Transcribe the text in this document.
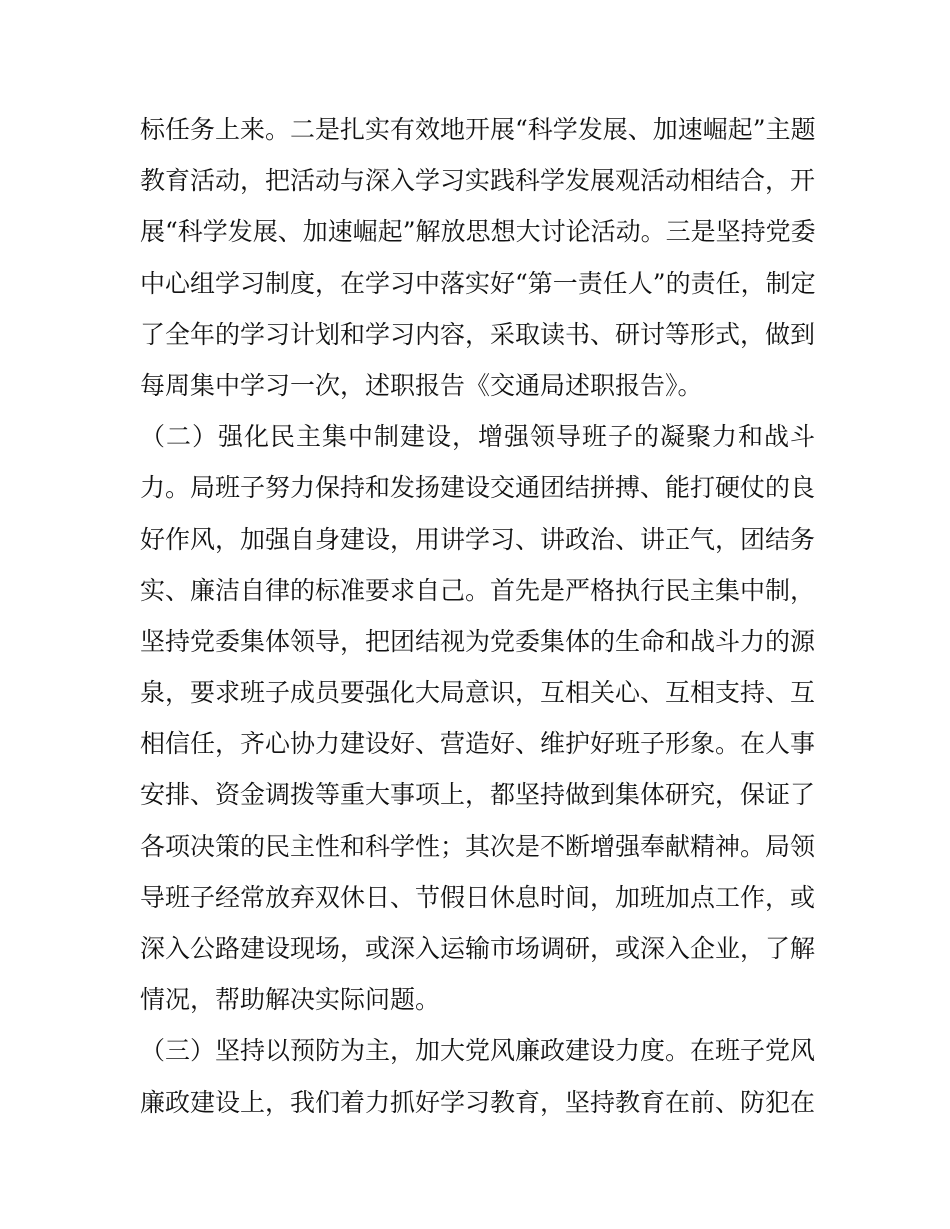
标任务上来。二是扎实有效地开展“科学发展、加速崛起”主题
教育活动，把活动与深入学习实践科学发展观活动相结合，开
展“科学发展、加速崛起”解放思想大讨论活动。三是坚持党委
中心组学习制度，在学习中落实好“第一责任人”的责任，制定
了全年的学习计划和学习内容，采取读书、研讨等形式，做到
每周集中学习一次，述职报告《交通局述职报告》。
（二）强化民主集中制建设，增强领导班子的凝聚力和战斗
力。局班子努力保持和发扬建设交通团结拼搏、能打硬仗的良
好作风，加强自身建设，用讲学习、讲政治、讲正气，团结务
实、廉洁自律的标准要求自己。首先是严格执行民主集中制，
坚持党委集体领导，把团结视为党委集体的生命和战斗力的源
泉，要求班子成员要强化大局意识，互相关心、互相支持、互
相信任，齐心协力建设好、营造好、维护好班子形象。在人事
安排、资金调拨等重大事项上，都坚持做到集体研究，保证了
各项决策的民主性和科学性；其次是不断增强奉献精神。局领
导班子经常放弃双休日、节假日休息时间，加班加点工作，或
深入公路建设现场，或深入运输市场调研，或深入企业，了解
情况，帮助解决实际问题。
（三）坚持以预防为主，加大党风廉政建设力度。在班子党风
廉政建设上，我们着力抓好学习教育，坚持教育在前、防犯在
